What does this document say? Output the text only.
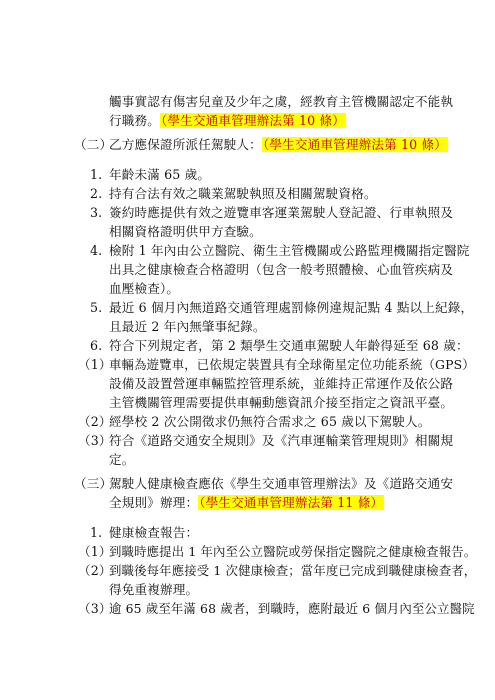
觸事實認有傷害兒童及少年之虞，經教育主管機關認定不能執
行職務。（學生交通車管理辦法第 10 條）
（二）
乙方應保證所派任駕駛人：（學生交通車管理辦法第 10 條）
1. 年齡未滿 65 歲。
2. 持有合法有效之職業駕駛執照及相關駕駛資格。
3. 簽約時應提供有效之遊覽車客運業駕駛人登記證、行車執照及
相關資格證明供甲方查驗。
4. 檢附 1 年內由公立醫院、衛生主管機關或公路監理機關指定醫院
出具之健康檢查合格證明（包含一般考照體檢、心血管疾病及
血壓檢查）。
5. 最近 6 個月內無道路交通管理處罰條例違規記點 4 點以上紀錄，
且最近 2 年內無肇事紀錄。
6. 符合下列規定者，第 2 類學生交通車駕駛人年齡得延至 68 歲：
（1）
車輛為遊覽車，已依規定裝置具有全球衛星定位功能系統（GPS）
設備及設置營運車輛監控管理系統，並維持正常運作及依公路
主管機關管理需要提供車輛動態資訊介接至指定之資訊平臺。
（2）
經學校 2 次公開徵求仍無符合需求之 65 歲以下駕駛人。
（3）
符合《道路交通安全規則》及《汽車運輸業管理規則》相關規
定。
（三）
駕駛人健康檢查應依《學生交通車管理辦法》及《道路交通安
全規則》辦理：（學生交通車管理辦法第 11 條）
1. 健康檢查報告：
（1）
到職時應提出 1 年內至公立醫院或勞保指定醫院之健康檢查報告。
（2）
到職後每年應接受 1 次健康檢查；當年度已完成到職健康檢查者，
得免重複辦理。
（3）
逾 65 歲至年滿 68 歲者，到職時，應附最近 6 個月內至公立醫院
